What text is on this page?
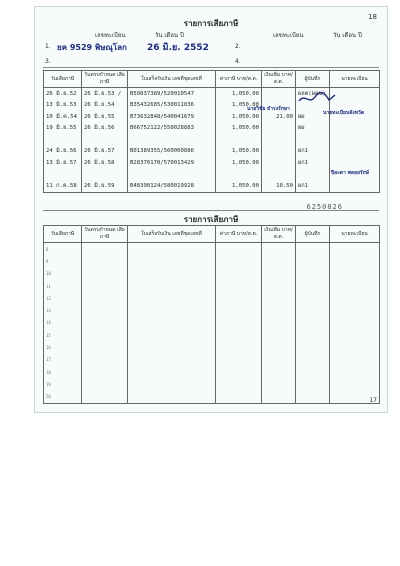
18
รายการเสียภาษี
เลขทะเบียน	วัน เดือน ปี	เลขทะเบียน	วัน เดือน ปี
1. ยค 9529 พิษณุโลก 26 มิ.ย. 2552	2.
3.	4.
วันเสียภาษี	วันครบกำหนด เสียภาษี	ใบเสร็จรับเงิน เลขที่ชุดเลขที่	ค่าภาษี บาท/ส.ต.	เงินเพิ่ม บาท/ส.ต.	ผู้บันทึก	นายทะเบียน
26 มิ.ย.52	26 มิ.ย.53 /	B50837389/520010547	1,050.00		ผลต(ผคน)	
13 มิ.ย.53	26 มิ.ย.54	B35432685/530011836	1,050.00			
10 มี.ค.54	26 มิ.ย.55	B73632848/540041679	1,050.00	21.00	ผผ	
19 มิ.ย.55	26 มิ.ย.56	B66752122/550028883	1,050.00		ผผ	

24 มิ.ย.56	26 มิ.ย.57	B01389355/560000886	1,050.00		ผก1	
13 มิ.ย.57	26 มิ.ย.58	B28376170/570013429	1,050.00		ผก1	

11 ก.ค.58	26 มิ.ย.59	B48390124/580019928	1,050.00	10.50	ผก1	
นายวิชัย ธำรงรักษา
นายทะเบียนจังหวัด
ปิยะดา พลอยรักษ์
6250826
รายการเสียภาษี
วันเสียภาษี	วันครบกำหนด เสียภาษี	ใบเสร็จรับเงิน เลขที่ชุดเลขที่	ค่าภาษี บาท/ส.ต.	เงินเพิ่ม บาท/ส.ต.	ผู้บันทึก	นายทะเบียน
8						
9						
10						
11						
12						
13						
14						
15						
16						
17						
18						
19						
20						
17
